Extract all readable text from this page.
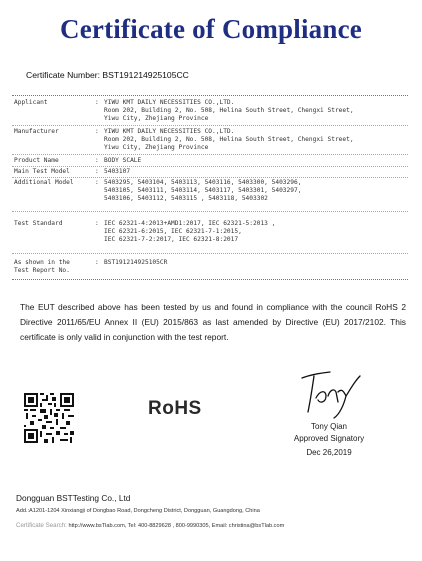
Certificate of Compliance
Certificate Number: BST191214925105CC
Applicant	: YIWU KMT DAILY NECESSITIES CO.,LTD.
Room 202, Building 2, No. 508, Helina South Street, Chengxi Street,
Yiwu City, Zhejiang Province
Manufacturer	: YIWU KMT DAILY NECESSITIES CO.,LTD.
Room 202, Building 2, No. 508, Helina South Street, Chengxi Street,
Yiwu City, Zhejiang Province
Product Name	: BODY SCALE
Main Test Model	: 5403107
Additional Model	: 5403295, 5403104, 5403113, 5403116, 5403300, 5403296,
5403105, 5403111, 5403114, 5403117, 5403301, 5403297,
5403106, 5403112, 5403115 , 5403118, 5403302
Test Standard	: IEC 62321-4:2013+AMD1:2017, IEC 62321-5:2013 ,
IEC 62321-6:2015, IEC 62321-7-1:2015,
IEC 62321-7-2:2017, IEC 62321-8:2017
As shown in the
Test Report No.
: BST191214925105CR
The EUT described above has been tested by us and found in compliance with the council RoHS 2 Directive 2011/65/EU Annex II (EU) 2015/863 as last amended by Directive (EU) 2017/2102. This certificate is only valid in conjunction with the test report.
RoHS
Tony Qian
Approved Signatory
Dec 26,2019
Dongguan BSTTesting Co., Ltd
Add.:A1201-1204 Xinxiangji of Dongbao Road, Dongcheng District, Dongguan, Guangdong, China
Certificate Search: http://www.bsTlab.com, Tel: 400-8829628 , 800-9990305, Email: christina@bsTlab.com
